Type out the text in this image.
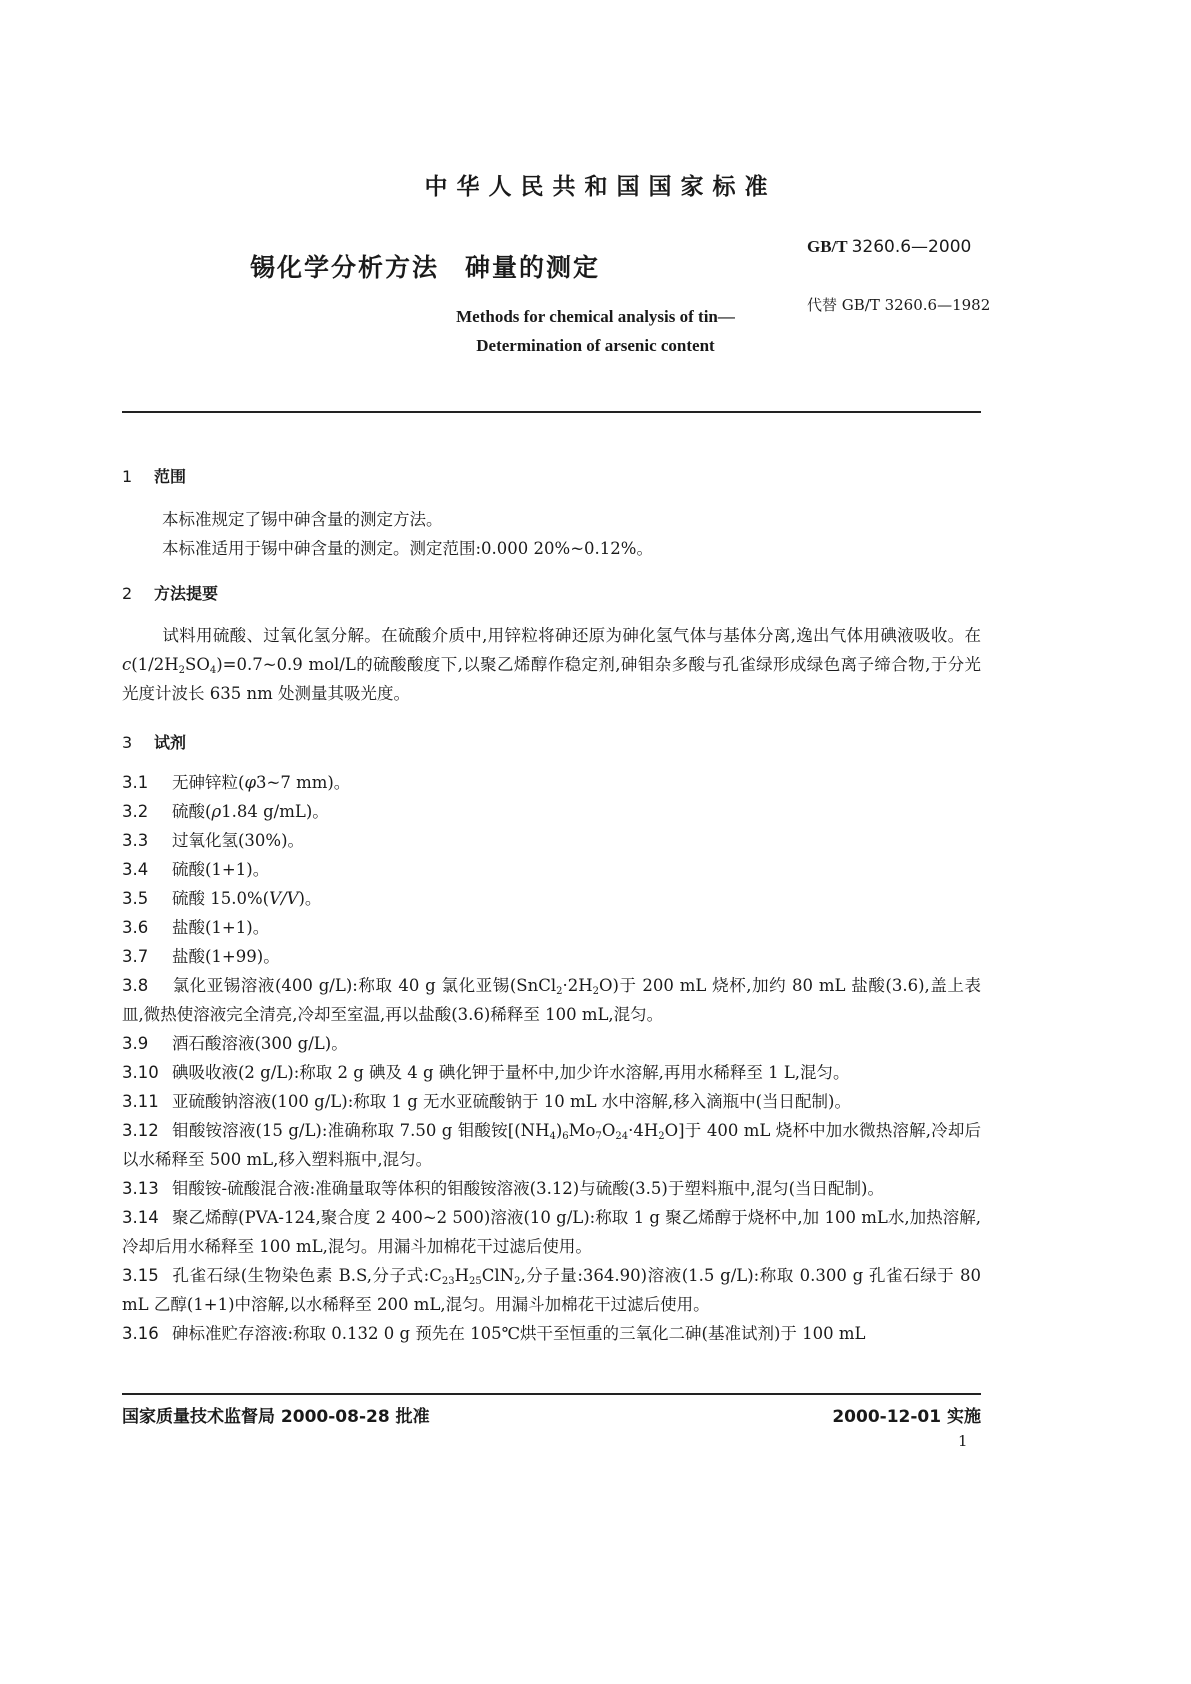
中华人民共和国国家标准
锡化学分析方法 砷量的测定
GB/T 3260.6—2000
代替 GB/T 3260.6—1982
Methods for chemical analysis of tin—
Determination of arsenic content
1 范围
本标准规定了锡中砷含量的测定方法。
本标准适用于锡中砷含量的测定。测定范围:0.000 20%~0.12%。
2 方法提要
试料用硫酸、过氧化氢分解。在硫酸介质中,用锌粒将砷还原为砷化氢气体与基体分离,逸出气体用碘液吸收。在$c(1/2H_2SO_4)=0.7\sim 0.9$ mol/L的硫酸酸度下,以聚乙烯醇作稳定剂,砷钼杂多酸与孔雀绿形成绿色离子缔合物,于分光光度计波长 635 nm 处测量其吸光度。
3 试剂
3.1 无砷锌粒(φ3~7 mm)。
3.2 硫酸(ρ1.84 g/mL)。
3.3 过氧化氢(30%)。
3.4 硫酸(1+1)。
3.5 硫酸 15.0%(V/V)。
3.6 盐酸(1+1)。
3.7 盐酸(1+99)。
3.8 氯化亚锡溶液(400 g/L):称取 40 g 氯化亚锡$(SnCl_2\cdot 2H_2O)$于 200 mL 烧杯,加约 80 mL 盐酸(3.6),盖上表皿,微热使溶液完全清亮,冷却至室温,再以盐酸(3.6)稀释至 100 mL,混匀。
3.9 酒石酸溶液(300 g/L)。
3.10 碘吸收液(2 g/L):称取 2 g 碘及 4 g 碘化钾于量杯中,加少许水溶解,再用水稀释至 1 L,混匀。
3.11 亚硫酸钠溶液(100 g/L):称取 1 g 无水亚硫酸钠于 10 mL 水中溶解,移入滴瓶中(当日配制)。
3.12 钼酸铵溶液(15 g/L):准确称取 7.50 g 钼酸铵$[(NH_4)_6Mo_7O_{24}\cdot 4H_2O]$于 400 mL 烧杯中加水微热溶解,冷却后以水稀释至 500 mL,移入塑料瓶中,混匀。
3.13 钼酸铵-硫酸混合液:准确量取等体积的钼酸铵溶液(3.12)与硫酸(3.5)于塑料瓶中,混匀(当日配制)。
3.14 聚乙烯醇(PVA-124,聚合度 2 400~2 500)溶液(10 g/L):称取 1 g 聚乙烯醇于烧杯中,加 100 mL水,加热溶解,冷却后用水稀释至 100 mL,混匀。用漏斗加棉花干过滤后使用。
3.15 孔雀石绿(生物染色素 B.S,分子式$:C_{23}H_{25}ClN_2$,分子量:364.90)溶液(1.5 g/L):称取 0.300 g 孔雀石绿于 80 mL 乙醇(1+1)中溶解,以水稀释至 200 mL,混匀。用漏斗加棉花干过滤后使用。
3.16 砷标准贮存溶液:称取 0.132 0 g 预先在 105℃烘干至恒重的三氧化二砷(基准试剂)于 100 mL
国家质量技术监督局 2000-08-28 批准	2000-12-01 实施
1
